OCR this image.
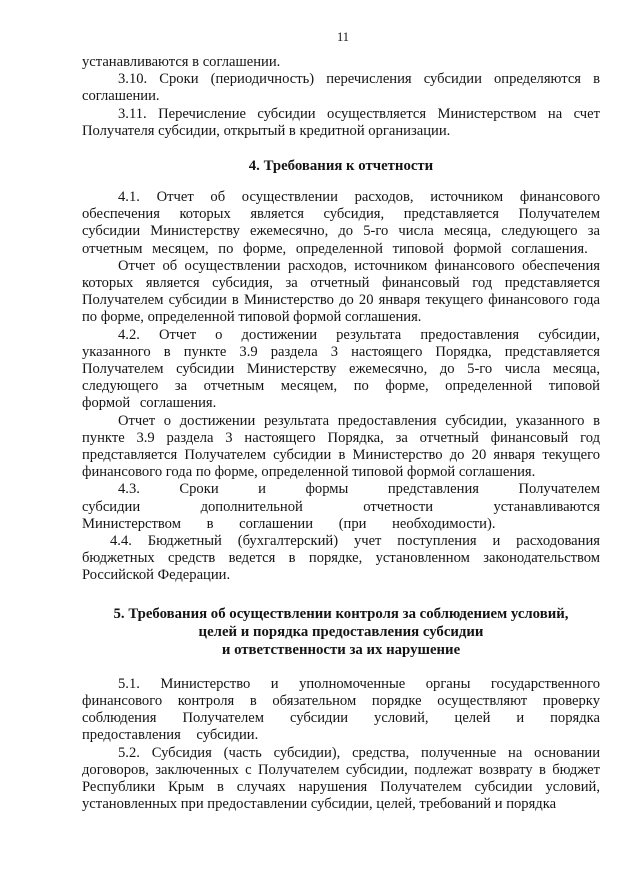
11

устанавливаются в соглашении.

3.10. Сроки (периодичность) перечисления субсидии определяются в соглашении.

3.11. Перечисление субсидии осуществляется Министерством на счет Получателя субсидии, открытый в кредитной организации.

4. Требования к отчетности

4.1. Отчет об осуществлении расходов, источником финансового обеспечения которых является субсидия, представляется Получателем субсидии Министерству ежемесячно, до 5-го числа месяца, следующего за отчетным месяцем, по форме, определенной типовой формой соглашения.

Отчет об осуществлении расходов, источником финансового обеспечения которых является субсидия, за отчетный финансовый год представляется Получателем субсидии в Министерство до 20 января текущего финансового года по форме, определенной типовой формой соглашения.

4.2. Отчет о достижении результата предоставления субсидии, указанного в пункте 3.9 раздела 3 настоящего Порядка, представляется Получателем субсидии Министерству ежемесячно, до 5-го числа месяца, следующего за отчетным месяцем, по форме, определенной типовой формой соглашения.

Отчет о достижении результата предоставления субсидии, указанного в пункте 3.9 раздела 3 настоящего Порядка, за отчетный финансовый год представляется Получателем субсидии в Министерство до 20 января текущего финансового года по форме, определенной типовой формой соглашения.

4.3. Сроки и формы представления Получателем субсидии дополнительной отчетности устанавливаются Министерством в соглашении (при необходимости).

4.4. Бюджетный (бухгалтерский) учет поступления и расходования бюджетных средств ведется в порядке, установленном законодательством Российской Федерации.

5. Требования об осуществлении контроля за соблюдением условий,
целей и порядка предоставления субсидии
и ответственности за их нарушение

5.1. Министерство и уполномоченные органы государственного финансового контроля в обязательном порядке осуществляют проверку соблюдения Получателем субсидии условий, целей и порядка предоставления субсидии.

5.2. Субсидия (часть субсидии), средства, полученные на основании договоров, заключенных с Получателем субсидии, подлежат возврату в бюджет Республики Крым в случаях нарушения Получателем субсидии условий, установленных при предоставлении субсидии, целей, требований и порядка
